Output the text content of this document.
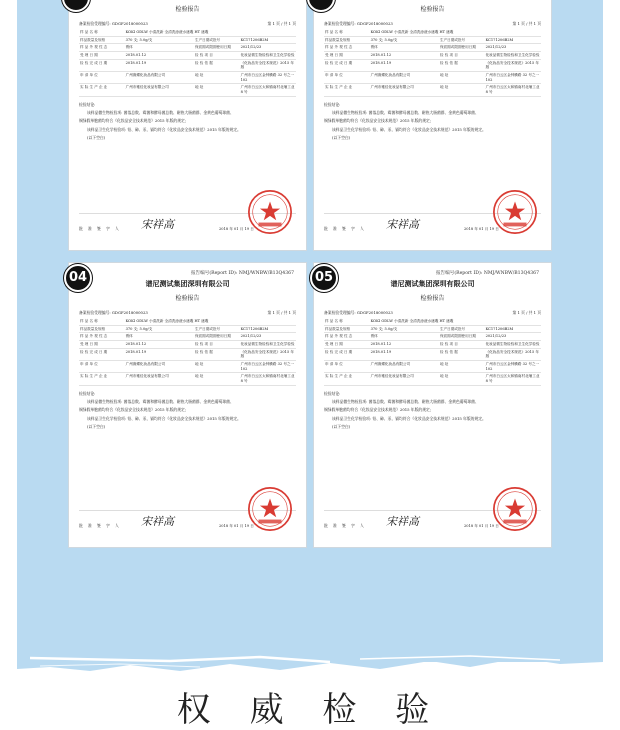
检验报告
备案检验受理编号: GDGF2018000023	第 1 页 / 共 1 页
样 品 名 称	KOKI ODLW 小清洗新 全清洗涂液水遮瑕 HT 遮瑕		
样品数量及规格	370 支; 5.0g/支	生产日期或批号	KC171206B2M
样 品 外 观 性 态	膏体	保质期或限期使用日期	2021/12/23
受 理 日 期	2018.01.12	检 验 项 目	化妆品微生物检验和卫生化学检验
检 验 完 成 日 期	2018.01.19	检 验 依 据	《化妆品安全技术规范》2015 年版
申 请 单 位	广州赛蝶化妆品有限公司	地 址	广州市白云区金钟横路 32 号之一 102
实 际 生 产 企 业	广州市雅佳化妆品有限公司	地 址	广州市白云区太和镇南村北埔工业 8 号

检验结论:

该样品微生物检验项: 菌落总数、霉菌和酵母菌总数、耐热大肠菌群、金黄色葡萄球菌、

铜绿假单胞菌均符合《化妆品安全技术规范》2015 年版的规定;

该样品卫生化学检验项: 铅、砷、汞、镉均符合《化妆品安全技术规范》2015 年版的规定。

(以下空白)

批 准 签 字 人 宋祥高	2018 年 01 月 19 日
检验报告
备案检验受理编号: GDGF2018000023	第 1 页 / 共 1 页
样 品 名 称	KOKI ODLW 小清洗新 全清洗涂液水遮瑕 HT 遮瑕		
样品数量及规格	370 支; 5.0g/支	生产日期或批号	KC171206B2M
样 品 外 观 性 态	膏体	保质期或限期使用日期	2021/12/23
受 理 日 期	2018.01.12	检 验 项 目	化妆品微生物检验和卫生化学检验
检 验 完 成 日 期	2018.01.19	检 验 依 据	《化妆品安全技术规范》2015 年版
申 请 单 位	广州赛蝶化妆品有限公司	地 址	广州市白云区金钟横路 32 号之一 102
实 际 生 产 企 业	广州市雅佳化妆品有限公司	地 址	广州市白云区太和镇南村北埔工业 8 号

检验结论:

该样品微生物检验项: 菌落总数、霉菌和酵母菌总数、耐热大肠菌群、金黄色葡萄球菌、

铜绿假单胞菌均符合《化妆品安全技术规范》2015 年版的规定;

该样品卫生化学检验项: 铅、砷、汞、镉均符合《化妆品安全技术规范》2015 年版的规定。

(以下空白)

批 准 签 字 人 宋祥高	2018 年 01 月 19 日
报告编号(Report ID): NMJ/WNBW/B13Q4367
谱尼测试集团深圳有限公司
检验报告
备案检验受理编号: GDGF2018000023	第 1 页 / 共 1 页
样 品 名 称	KOKI ODLW 小清洗新 全清洗涂液水遮瑕 HT 遮瑕		
样品数量及规格	370 支; 5.0g/支	生产日期或批号	KC171206B2M
样 品 外 观 性 态	膏体	保质期或限期使用日期	2021/12/23
受 理 日 期	2018.01.12	检 验 项 目	化妆品微生物检验和卫生化学检验
检 验 完 成 日 期	2018.01.19	检 验 依 据	《化妆品安全技术规范》2015 年版
申 请 单 位	广州赛蝶化妆品有限公司	地 址	广州市白云区金钟横路 32 号之一 102
实 际 生 产 企 业	广州市雅佳化妆品有限公司	地 址	广州市白云区太和镇南村北埔工业 8 号

检验结论:

该样品微生物检验项: 菌落总数、霉菌和酵母菌总数、耐热大肠菌群、金黄色葡萄球菌、

铜绿假单胞菌均符合《化妆品安全技术规范》2015 年版的规定;

该样品卫生化学检验项: 铅、砷、汞、镉均符合《化妆品安全技术规范》2015 年版的规定。

(以下空白)

批 准 签 字 人 宋祥高	2018 年 01 月 19 日
报告编号(Report ID): NMJ/WNBW/B13Q4367
谱尼测试集团深圳有限公司
检验报告
备案检验受理编号: GDGF2018000023	第 1 页 / 共 1 页
样 品 名 称	KOKI ODLW 小清洗新 全清洗涂液水遮瑕 HT 遮瑕		
样品数量及规格	370 支; 5.0g/支	生产日期或批号	KC171206B2M
样 品 外 观 性 态	膏体	保质期或限期使用日期	2021/12/23
受 理 日 期	2018.01.12	检 验 项 目	化妆品微生物检验和卫生化学检验
检 验 完 成 日 期	2018.01.19	检 验 依 据	《化妆品安全技术规范》2015 年版
申 请 单 位	广州赛蝶化妆品有限公司	地 址	广州市白云区金钟横路 32 号之一 102
实 际 生 产 企 业	广州市雅佳化妆品有限公司	地 址	广州市白云区太和镇南村北埔工业 8 号

检验结论:

该样品微生物检验项: 菌落总数、霉菌和酵母菌总数、耐热大肠菌群、金黄色葡萄球菌、

铜绿假单胞菌均符合《化妆品安全技术规范》2015 年版的规定;

该样品卫生化学检验项: 铅、砷、汞、镉均符合《化妆品安全技术规范》2015 年版的规定。

(以下空白)

批 准 签 字 人 宋祥高	2018 年 01 月 19 日
04	05
权 威 检 验
